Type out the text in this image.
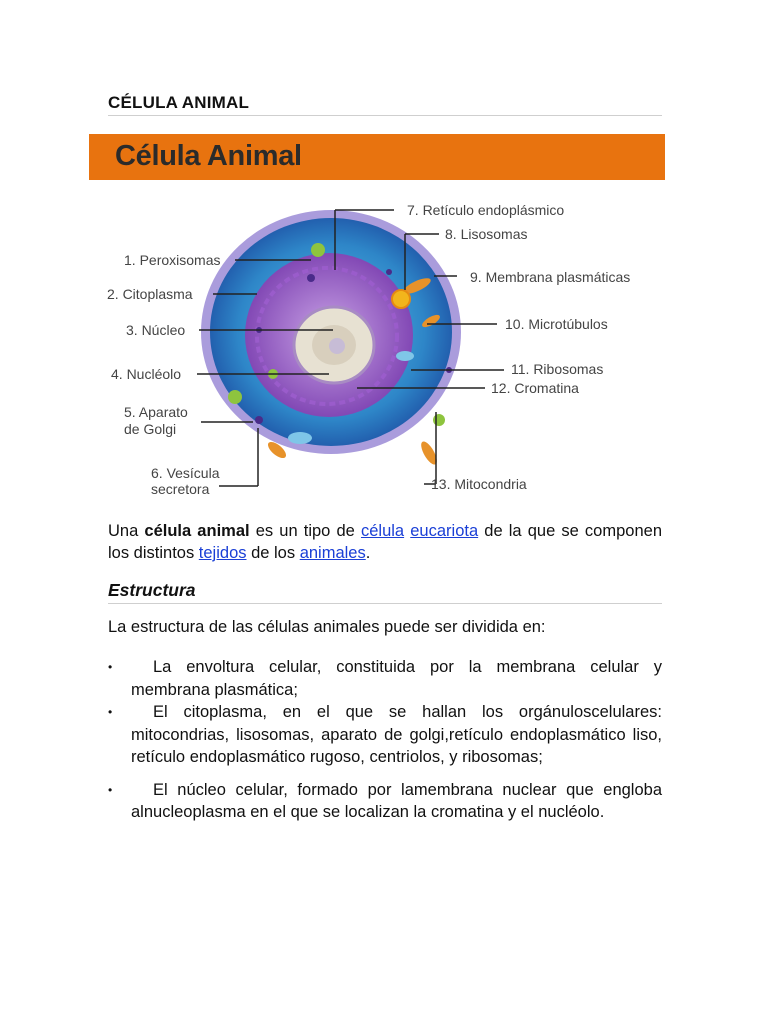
CÉLULA ANIMAL
Célula Animal
1. Peroxisomas
2. Citoplasma
3. Núcleo
4. Nucléolo
5. Aparato
de Golgi
6. Vesícula
secretora
7. Retículo endoplásmico
8. Lisosomas
9. Membrana plasmáticas
10. Microtúbulos
11. Ribosomas
12. Cromatina
13. Mitocondria

Una célula animal es un tipo de célula eucariota de la que se componen los distintos tejidos de los animales.

Estructura

La estructura de las células animales puede ser dividida en:

• La envoltura celular, constituida por la membrana celular y membrana plasmática;
• El citoplasma, en el que se hallan los orgánuloscelulares: mitocondrias, lisosomas, aparato de golgi,retículo endoplasmático liso, retículo endoplasmático rugoso, centriolos, y ribosomas;
• El núcleo celular, formado por lamembrana nuclear que engloba alnucleoplasma en el que se localizan la cromatina y el nucléolo.
